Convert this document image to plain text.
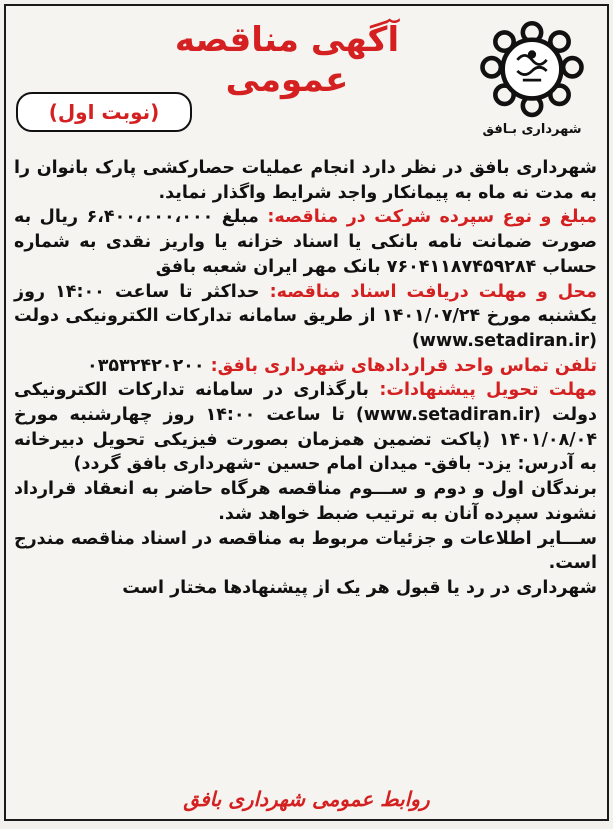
شهرداری بـافق
آگهی مناقصه عمومی
(نوبت اول)

شهرداری بافق در نظر دارد انجام عملیات حصارکشی پارک بانوان را به مدت نه ماه به پیمانکار واجد شرایط واگذار نماید.

مبلغ و نوع سپرده شرکت در مناقصه: مبلغ ۶،۴۰۰،۰۰۰،۰۰۰ ریال به صورت ضمانت نامه بانکی یا اسناد خزانه یا واریز نقدی به شماره حساب ۷۶۰۴۱۱۸۷۴۵۹۲۸۴ بانک مهر ایران شعبه بافق

محل و مهلت دریافت اسناد مناقصه: حداکثر تا ساعت ۱۴:۰۰ روز یکشنبه مورخ ۱۴۰۱/۰۷/۲۴ از طریق سامانه تدارکات الکترونیکی دولت (www.setadiran.ir)

تلفن تماس واحد قراردادهای شهرداری بافق: ۰۳۵۳۲۴۲۰۲۰۰

مهلت تحویل پیشنهادات: بارگذاری در سامانه تدارکات الکترونیکی دولت (www.setadiran.ir) تا ساعت ۱۴:۰۰ روز چهارشنبه مورخ ۱۴۰۱/۰۸/۰۴ (پاکت تضمین همزمان بصورت فیزیکی تحویل دبیرخانه به آدرس: یزد- بافق- میدان امام حسین -شهرداری بافق گردد)

برندگان اول و دوم و ســـوم مناقصه هرگاه حاضر به انعقاد قرارداد نشوند سپرده آنان به ترتیب ضبط خواهد شد.

ســـایر اطلاعات و جزئیات مربوط به مناقصه در اسناد مناقصه مندرج است.

شهرداری در رد یا قبول هر یک از پیشنهادها مختار است

روابط عمومی شهرداری بافق
